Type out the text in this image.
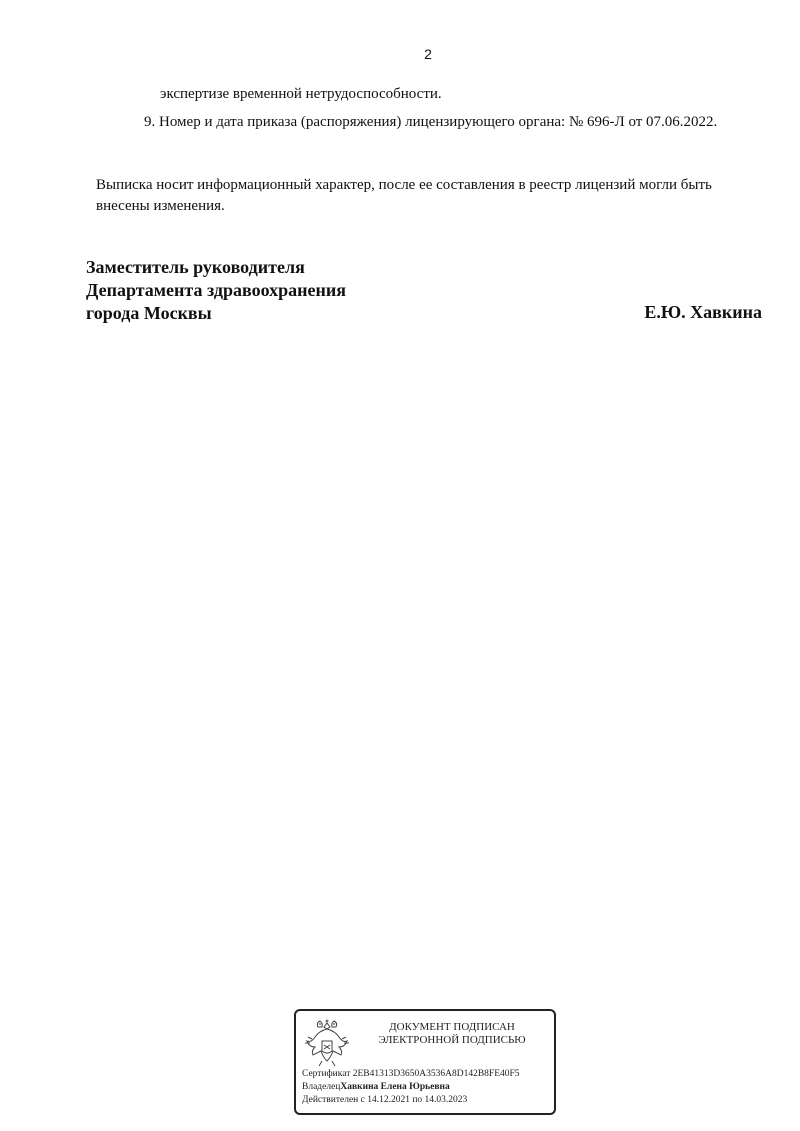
2
экспертизе временной нетрудоспособности.
9. Номер и дата приказа (распоряжения) лицензирующего органа: № 696-Л от 07.06.2022.
Выписка носит информационный характер, после ее составления в реестр лицензий могли быть
внесены изменения.
Заместитель руководителя
Департамента здравоохранения
города Москвы	Е.Ю. Хавкина
ДОКУМЕНТ ПОДПИСАН
ЭЛЕКТРОННОЙ ПОДПИСЬЮ
Сертификат 2EB41313D3650A3536A8D142B8FE40F5
ВладелецХавкина Елена Юрьевна
Действителен с 14.12.2021 по 14.03.2023
